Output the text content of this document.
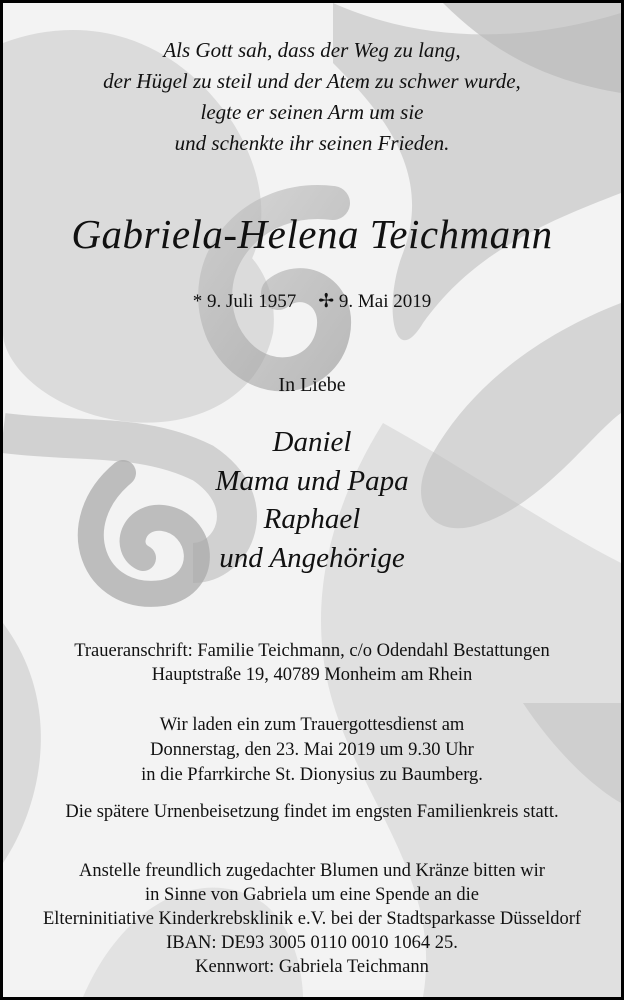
Als Gott sah, dass der Weg zu lang,
der Hügel zu steil und der Atem zu schwer wurde,
legte er seinen Arm um sie
und schenkte ihr seinen Frieden.
Gabriela-Helena Teichmann
* 9. Juli 1957 ✢ 9. Mai 2019
In Liebe
Daniel
Mama und Papa
Raphael
und Angehörige
Traueranschrift: Familie Teichmann, c/o Odendahl Bestattungen
Hauptstraße 19, 40789 Monheim am Rhein
Wir laden ein zum Trauergottesdienst am
Donnerstag, den 23. Mai 2019 um 9.30 Uhr
in die Pfarrkirche St. Dionysius zu Baumberg.
Die spätere Urnenbeisetzung findet im engsten Familienkreis statt.
Anstelle freundlich zugedachter Blumen und Kränze bitten wir
in Sinne von Gabriela um eine Spende an die
Elterninitiative Kinderkrebsklinik e.V. bei der Stadtsparkasse Düsseldorf
IBAN: DE93 3005 0110 0010 1064 25.
Kennwort: Gabriela Teichmann
